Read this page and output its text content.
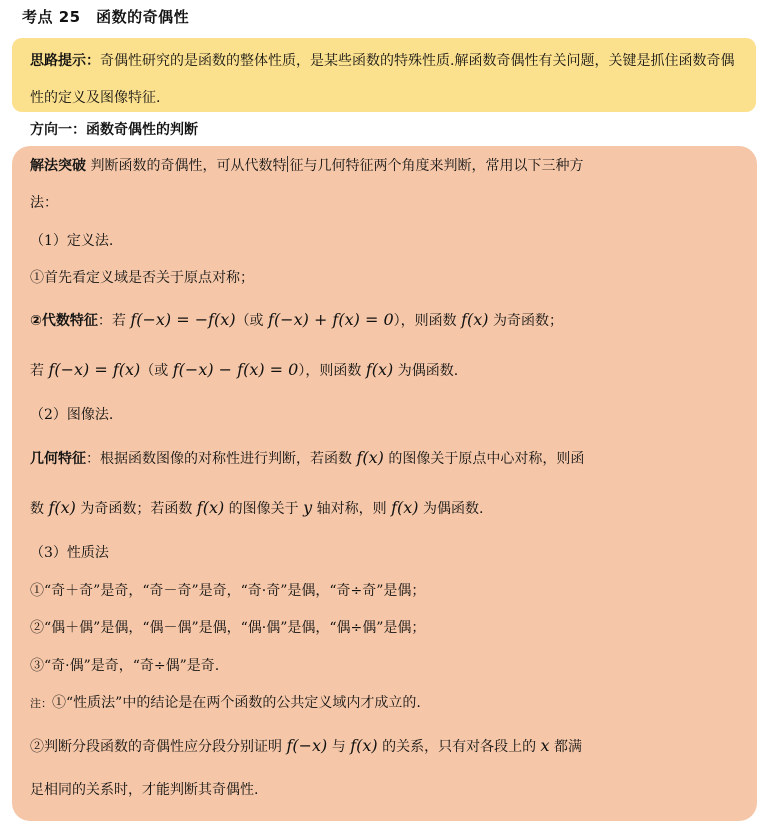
考点 25　函数的奇偶性
思路提示：奇偶性研究的是函数的整体性质，是某些函数的特殊性质.解函数奇偶性有关问题，关键是抓住函数奇偶性的定义及图像特征.
方向一：函数奇偶性的判断
解法突破 判断函数的奇偶性，可从代数特 征与几何特征两个角度来判断，常用以下三种方
法：
（1）定义法.
①首先看定义域是否关于原点对称；
②代数特征：若 f(−x) = −f(x)（或 f(−x) + f(x) = 0），则函数 f(x) 为奇函数；
若 f(−x) = f(x)（或 f(−x) − f(x) = 0），则函数 f(x) 为偶函数.
（2）图像法.
几何特征：根据函数图像的对称性进行判断，若函数 f(x) 的图像关于原点中心对称，则函
数 f(x) 为奇函数；若函数 f(x) 的图像关于 y 轴对称，则 f(x) 为偶函数.
（3）性质法
①“奇＋奇”是奇，“奇－奇”是奇，“奇·奇”是偶，“奇÷奇”是偶；
②“偶＋偶”是偶，“偶－偶”是偶，“偶·偶”是偶，“偶÷偶”是偶；
③“奇·偶”是奇，“奇÷偶”是奇.
注：①“性质法”中的结论是在两个函数的公共定义域内才成立的.
②判断分段函数的奇偶性应分段分别证明 f(−x) 与 f(x) 的关系，只有对各段上的 x 都满
足相同的关系时，才能判断其奇偶性.
